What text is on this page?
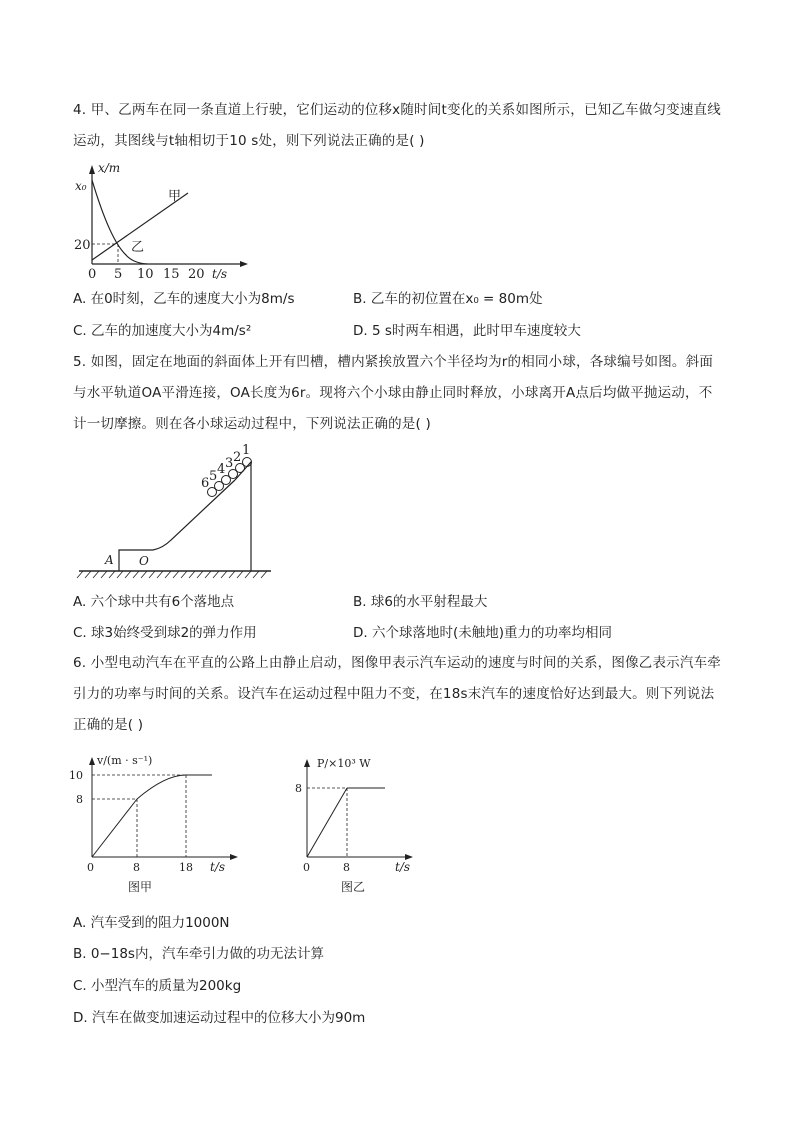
4. 甲、乙两车在同一条直道上行驶，它们运动的位移x随时间t变化的关系如图所示，已知乙车做匀变速直线运动，其图线与t轴相切于10 s处，则下列说法正确的是( )
x/m
x₀
20
甲
乙
0 5 10 15 20 t/s
A. 在0时刻，乙车的速度大小为8m/s	B. 乙车的初位置在x₀ = 80m处
C. 乙车的加速度大小为4m/s²	D. 5 s时两车相遇，此时甲车速度较大
5. 如图，固定在地面的斜面体上开有凹槽，槽内紧挨放置六个半径均为r的相同小球，各球编号如图。斜面与水平轨道OA平滑连接，OA长度为6r。现将六个小球由静止同时释放，小球离开A点后均做平抛运动，不计一切摩擦。则在各小球运动过程中，下列说法正确的是( )
1
2
3
4
5
6
A O
A. 六个球中共有6个落地点	B. 球6的水平射程最大
C. 球3始终受到球2的弹力作用	D. 六个球落地时(未触地)重力的功率均相同
6. 小型电动汽车在平直的公路上由静止启动，图像甲表示汽车运动的速度与时间的关系，图像乙表示汽车牵引力的功率与时间的关系。设汽车在运动过程中阻力不变，在18s末汽车的速度恰好达到最大。则下列说法正确的是( )
v/(m · s⁻¹)
10
8
0	8	18 t/s
图甲
P/×10³ W
8
0	8	t/s
图乙
A. 汽车受到的阻力1000N
B. 0−18s内，汽车牵引力做的功无法计算
C. 小型汽车的质量为200kg
D. 汽车在做变加速运动过程中的位移大小为90m
